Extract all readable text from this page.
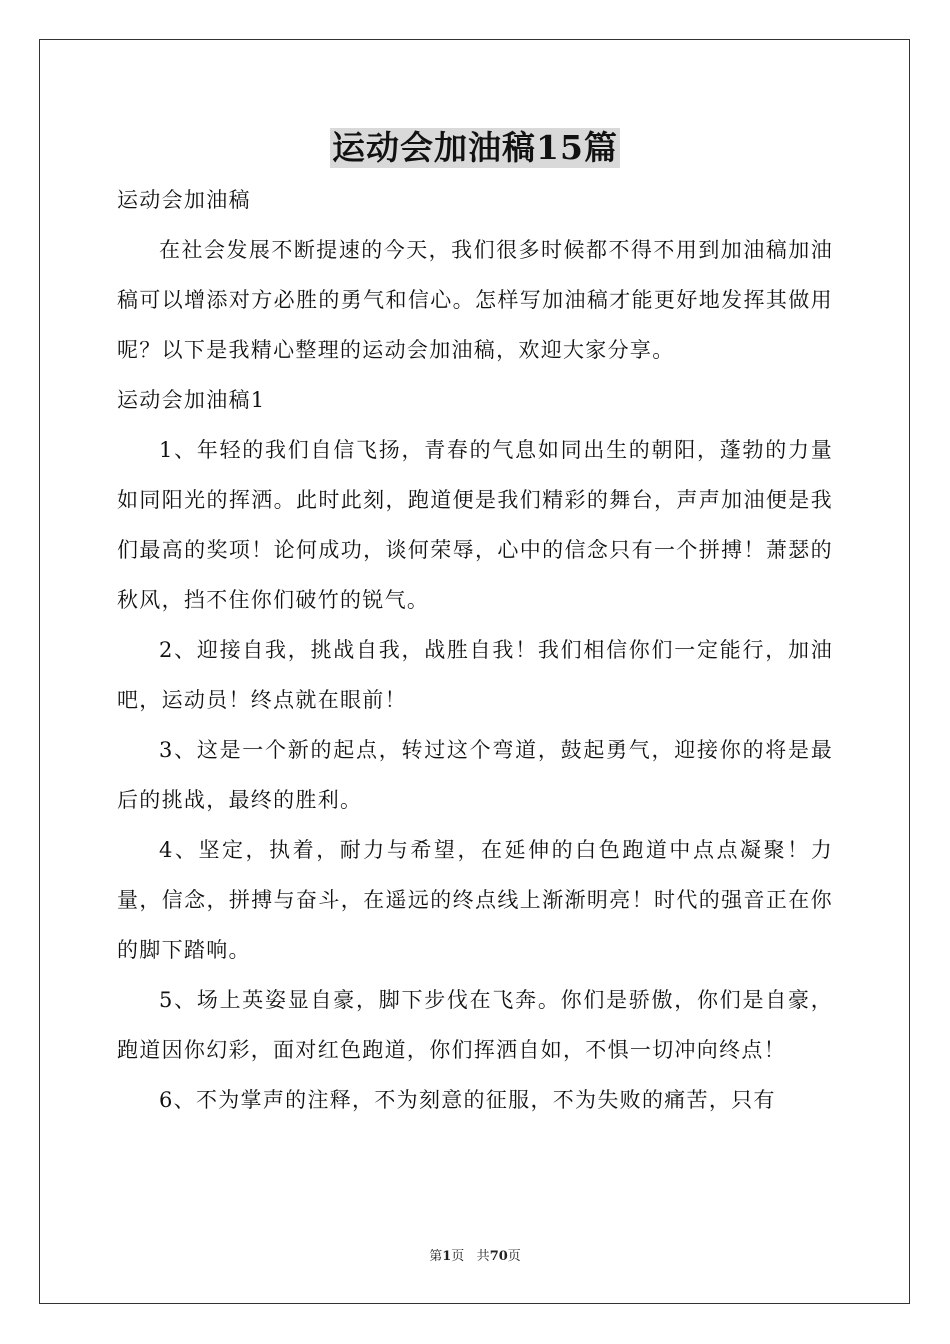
运动会加油稿15篇

运动会加油稿

在社会发展不断提速的今天，我们很多时候都不得不用到加油稿加油稿可以增添对方必胜的勇气和信心。怎样写加油稿才能更好地发挥其做用呢？以下是我精心整理的运动会加油稿，欢迎大家分享。

运动会加油稿1

1、年轻的我们自信飞扬，青春的气息如同出生的朝阳，蓬勃的力量如同阳光的挥洒。此时此刻，跑道便是我们精彩的舞台，声声加油便是我们最高的奖项！论何成功，谈何荣辱，心中的信念只有一个拼搏！萧瑟的秋风，挡不住你们破竹的锐气。

2、迎接自我，挑战自我，战胜自我！我们相信你们一定能行，加油吧，运动员！终点就在眼前！

3、这是一个新的起点，转过这个弯道，鼓起勇气，迎接你的将是最后的挑战，最终的胜利。

4、坚定，执着，耐力与希望，在延伸的白色跑道中点点凝聚！力量，信念，拼搏与奋斗，在遥远的终点线上渐渐明亮！时代的强音正在你的脚下踏响。

5、场上英姿显自豪，脚下步伐在飞奔。你们是骄傲，你们是自豪，跑道因你幻彩，面对红色跑道，你们挥洒自如，不惧一切冲向终点！

6、不为掌声的注释，不为刻意的征服，不为失败的痛苦，只有

第1页 共70页
